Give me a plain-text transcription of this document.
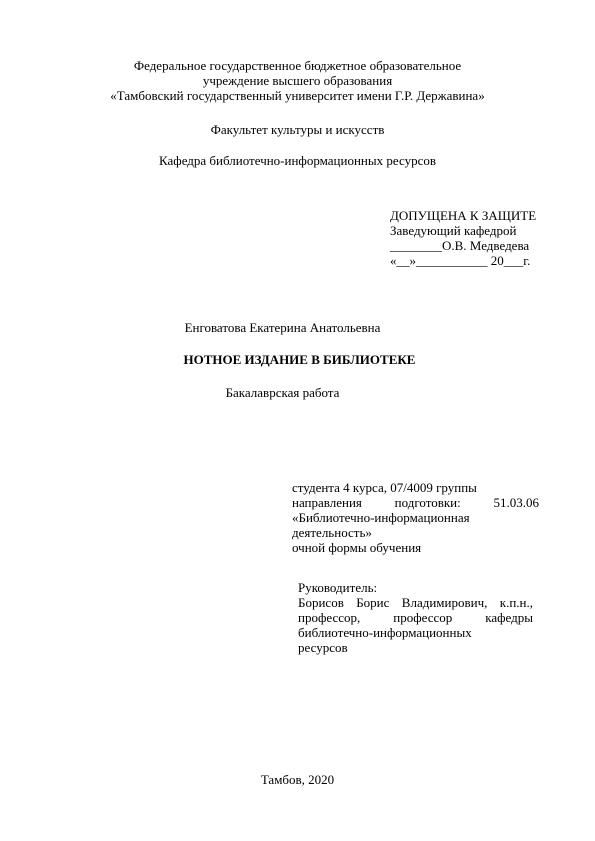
Федеральное государственное бюджетное образовательное
учреждение высшего образования
«Тамбовский государственный университет имени Г.Р. Державина»
Факультет культуры и искусств
Кафедра библиотечно-информационных ресурсов
ДОПУЩЕНА К ЗАЩИТЕ
Заведующий кафедрой
________О.В. Медведева
«__»___________ 20___г.
Енговатова Екатерина Анатольевна
НОТНОЕ ИЗДАНИЕ В БИБЛИОТЕКЕ
Бакалаврская работа
студента 4 курса, 07/4009 группы
направления	подготовки:	51.03.06
«Библиотечно-информационная
деятельность»
очной формы обучения
Руководитель:
Борисов Борис Владимирович, к.п.н.,
профессор,	профессор	кафедры
библиотечно-информационных
ресурсов
Тамбов, 2020
